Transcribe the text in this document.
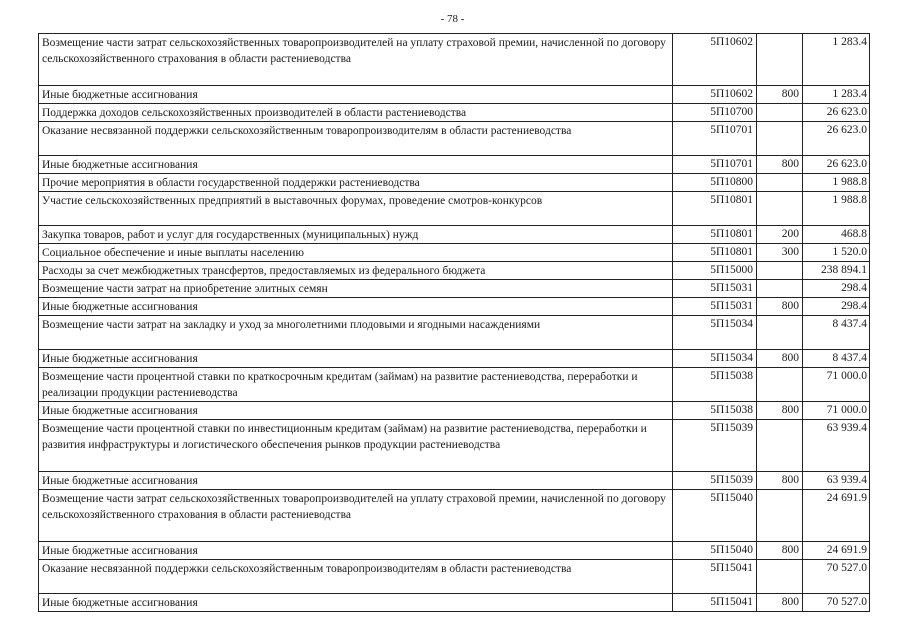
- 78 -
Возмещение части затрат сельскохозяйственных товаропроизводителей на уплату страховой премии, начисленной по договору сельскохозяйственного страхования в области растениеводства	5П10602		1 283.4
Иные бюджетные ассигнования	5П10602	800	1 283.4
Поддержка доходов сельскохозяйственных производителей в области растениеводства	5П10700		26 623.0
Оказание несвязанной поддержки сельскохозяйственным товаропроизводителям в области растениеводства	5П10701		26 623.0
Иные бюджетные ассигнования	5П10701	800	26 623.0
Прочие мероприятия в области государственной поддержки растениеводства	5П10800		1 988.8
Участие сельскохозяйственных предприятий в выставочных форумах, проведение смотров-конкурсов	5П10801		1 988.8
Закупка товаров, работ и услуг для государственных (муниципальных) нужд	5П10801	200	468.8
Социальное обеспечение и иные выплаты населению	5П10801	300	1 520.0
Расходы за счет межбюджетных трансфертов, предоставляемых из федерального бюджета	5П15000		238 894.1
Возмещение части затрат на приобретение элитных семян	5П15031		298.4
Иные бюджетные ассигнования	5П15031	800	298.4
Возмещение части затрат на закладку и уход за многолетними плодовыми и ягодными насаждениями	5П15034		8 437.4
Иные бюджетные ассигнования	5П15034	800	8 437.4
Возмещение части процентной ставки по краткосрочным кредитам (займам) на развитие растениеводства, переработки и реализации продукции растениеводства	5П15038		71 000.0
Иные бюджетные ассигнования	5П15038	800	71 000.0
Возмещение части процентной ставки по инвестиционным кредитам (займам) на развитие растениеводства, переработки и развития инфраструктуры и логистического обеспечения рынков продукции растениеводства	5П15039		63 939.4
Иные бюджетные ассигнования	5П15039	800	63 939.4
Возмещение части затрат сельскохозяйственных товаропроизводителей на уплату страховой премии, начисленной по договору сельскохозяйственного страхования в области растениеводства	5П15040		24 691.9
Иные бюджетные ассигнования	5П15040	800	24 691.9
Оказание несвязанной поддержки сельскохозяйственным товаропроизводителям в области растениеводства	5П15041		70 527.0
Иные бюджетные ассигнования	5П15041	800	70 527.0
